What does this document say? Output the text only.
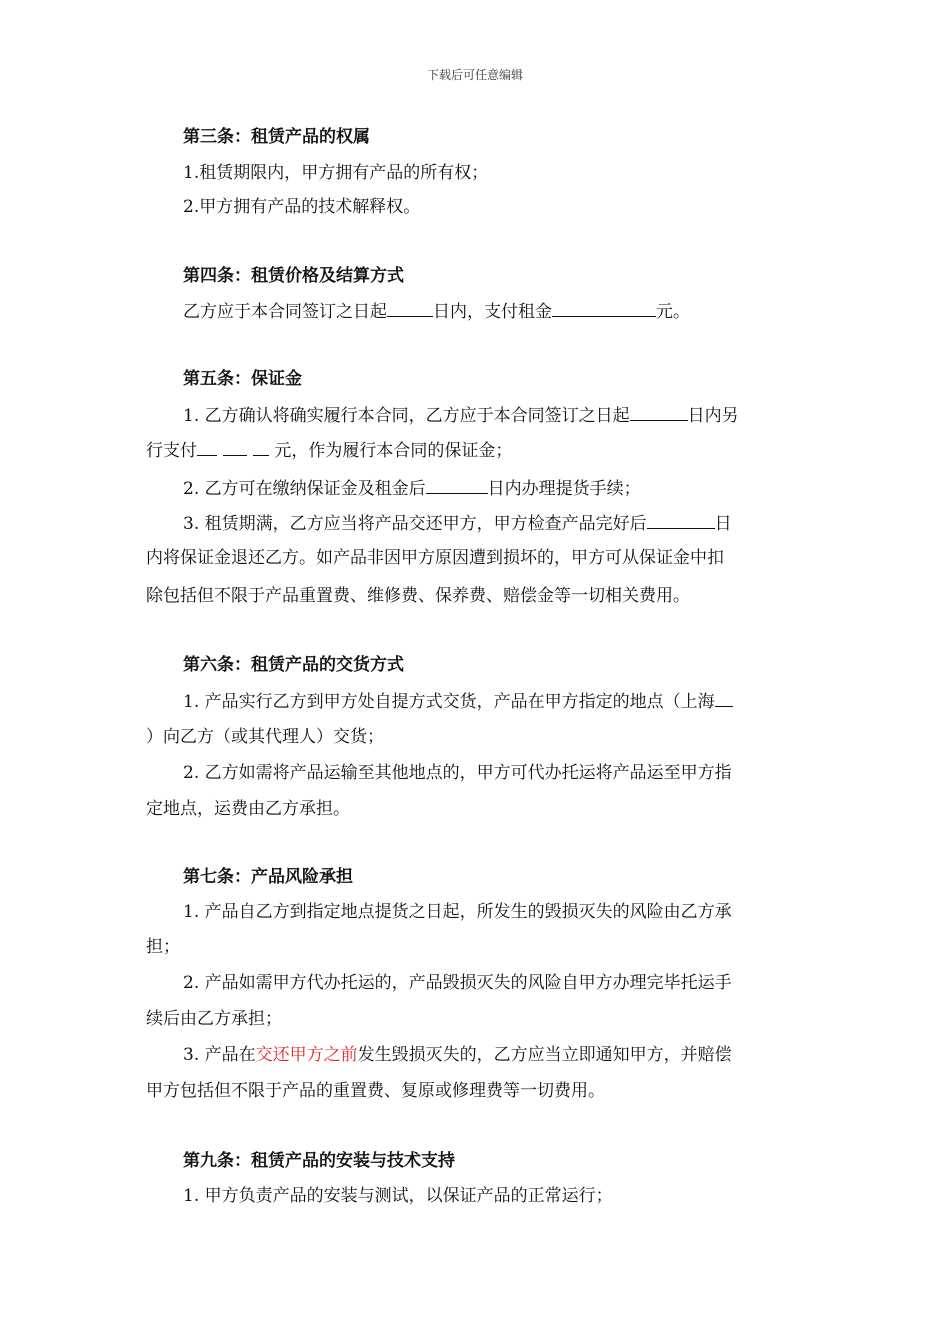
下载后可任意编辑
第三条：租赁产品的权属
1.租赁期限内，甲方拥有产品的所有权；
2.甲方拥有产品的技术解释权。
第四条：租赁价格及结算方式
乙方应于本合同签订之日起	日内，支付租金	元。
第五条：保证金
1. 乙方确认将确实履行本合同，乙方应于本合同签订之日起	日内另
行支付	元，作为履行本合同的保证金；
2. 乙方可在缴纳保证金及租金后	日内办理提货手续；
3. 租赁期满，乙方应当将产品交还甲方，甲方检查产品完好后	日
内将保证金退还乙方。如产品非因甲方原因遭到损坏的，甲方可从保证金中扣
除包括但不限于产品重置费、维修费、保养费、赔偿金等一切相关费用。
第六条：租赁产品的交货方式
1. 产品实行乙方到甲方处自提方式交货，产品在甲方指定的地点（上海
）向乙方（或其代理人）交货；
2. 乙方如需将产品运输至其他地点的，甲方可代办托运将产品运至甲方指
定地点，运费由乙方承担。
第七条：产品风险承担
1. 产品自乙方到指定地点提货之日起，所发生的毁损灭失的风险由乙方承
担；
2. 产品如需甲方代办托运的，产品毁损灭失的风险自甲方办理完毕托运手
续后由乙方承担；
3. 产品在交还甲方之前发生毁损灭失的，乙方应当立即通知甲方，并赔偿
甲方包括但不限于产品的重置费、复原或修理费等一切费用。
第九条：租赁产品的安装与技术支持
1. 甲方负责产品的安装与测试，以保证产品的正常运行；
